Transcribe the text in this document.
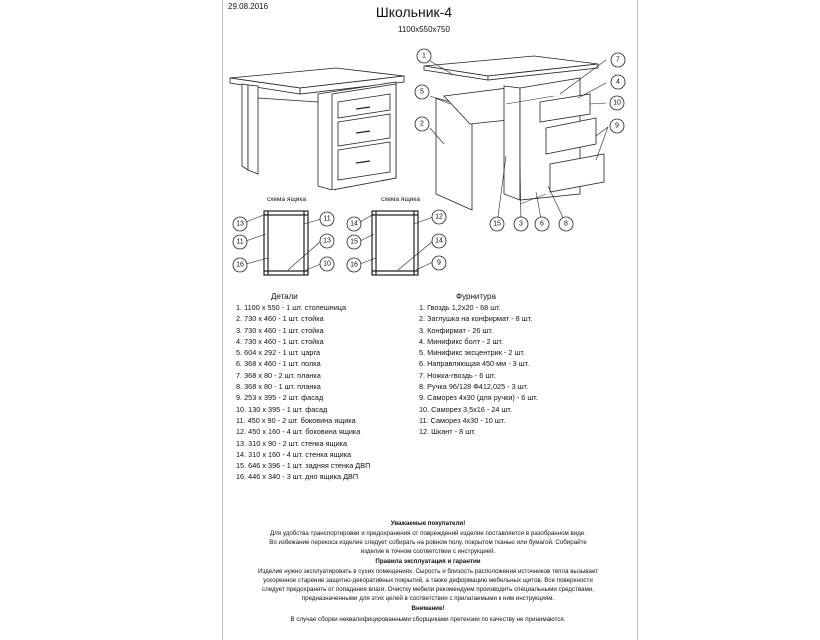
29.08.2016	Школьник-4
1100x550x750
1
2
3
4
5
6
7
8
9
10
15
схема ящика
13
11
16
11
13
10
схема ящика
14
15
16
12
14
9
Детали
1. 1100 х 550 - 1 шт. столешница
2. 730 х 460 - 1 шт. стойка
3. 730 х 460 - 1 шт. стойка
4. 730 х 460 - 1 шт. стойка
5. 604 х 292 - 1 шт. царга
6. 368 х 460 - 1 шт. полка
7. 368 х 80 - 2 шт. планка
8. 368 х 80 - 1 шт. планка
9. 253 х 395 - 2 шт. фасад
10. 130 х 395 - 1 шт. фасад
11. 450 х 90 - 2 шт. боковина ящика
12. 450 х 160 - 4 шт. боковина ящика
13. 310 х 90 - 2 шт. стенка ящика
14. 310 х 160 - 4 шт. стенка ящика
15. 646 х 396 - 1 шт. задняя стенка ДВП
16. 446 х 340 - 3 шт. дно ящика ДВП
Фурнитура
1. Гвоздь 1,2х20 - 68 шт.
2. Заглушка на конфирмат - 8 шт.
3. Конфирмат - 26 шт.
4. Минификс болт - 2 шт.
5. Минификс эксцентрик - 2 шт.
6. Направляющая 450 мм - 3 шт.
7. Ножка-гвоздь - 6 шт.
8. Ручка 96/128 Ф412,025 - 3 шт.
9. Саморез 4х30 (для ручки) - 6 шт.
10. Саморез 3,5х16 - 24 шт.
11. Саморез 4х30 - 10 шт.
12. Шкант - 8 шт.
Уважаемые покупатели!
Для удобства транспортировки и предохранения от повреждений изделие поставляется в разобранном виде.
Во избежание перекоса изделие следует собирать на ровном полу, покрытом тканью или бумагой. Собирайте
изделие в точном соответствии с инструкцией.
Правила эксплуатация и гарантии
Изделие нужно эксплуатировать в сухих помещениях. Сырость и близость расположения источников тепла вызывает
ускоренное старение защитно-декоративных покрытий, а также деформацию мебельных щитов. Все поверхности
следует предохранять от попадания влаги. Очистку мебели рекомендуем производить специальными средствами,
предназначенными для этих целей в соответствии с прилагаемыми к ним инструкциям.
Внимание!
В случае сборки неквалифицированными сборщиками претензии по качеству не принимаются.
